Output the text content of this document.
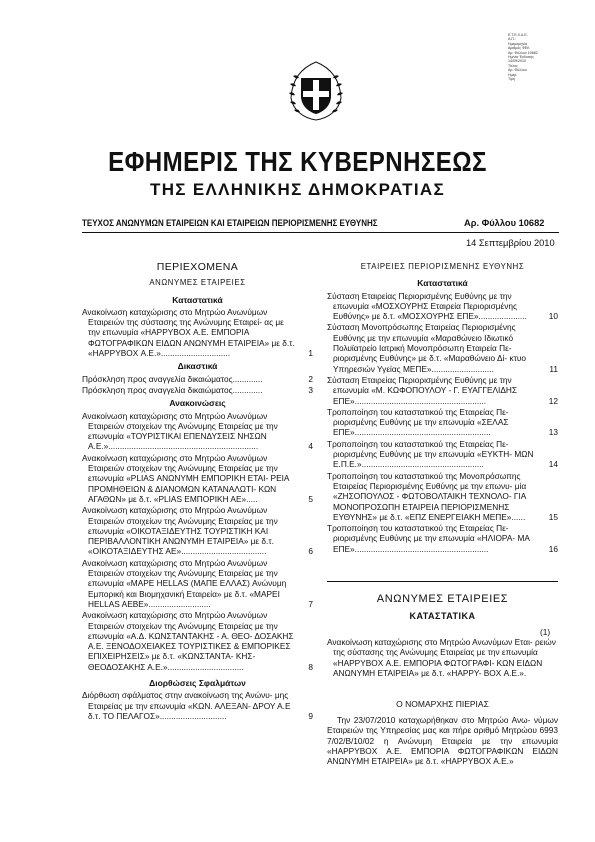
Ε.Τ.Ε.Χ.Δ.Ε.
Α.Π.:
Ημερομηνία
Αριθμός ΦΕΚ
Αρ. Φύλλου 10682
Ημ/νία Έκδοσης
14/09/2010
Τίτλος
Αρ. Φύλλου
Ημερ.
Τιμή
ΕΦΗΜΕΡΙΣ ΤΗΣ ΚΥΒΕΡΝΗΣΕΩΣ
ΤΗΣ ΕΛΛΗΝΙΚΗΣ ΔΗΜΟΚΡΑΤΙΑΣ
ΤΕΥΧΟΣ ΑΝΩΝΥΜΩΝ ΕΤΑΙΡΕΙΩΝ ΚΑΙ ΕΤΑΙΡΕΙΩΝ ΠΕΡΙΟΡΙΣΜΕΝΗΣ ΕΥΘΥΝΗΣ	Αρ. Φύλλου 10682
14 Σεπτεμβρίου 2010
ΠΕΡΙΕΧΟΜΕΝΑ
ΑΝΩΝΥΜΕΣ ΕΤΑΙΡΕΙΕΣ
Καταστατικά
Ανακοίνωση καταχώρισης στο Μητρώο Ανωνύμων Εταιρειών της σύστασης της Ανώνυμης Εταιρεί- ας με την επωνυμία «HAPPYBOX Α.Ε. ΕΜΠΟΡΙΑ ΦΩΤΟΓΡΑΦΙΚΩΝ ΕΙΔΩΝ ΑΝΩΝΥΜΗ ΕΤΑΙΡΕΙΑ» με δ.τ. «HAPPYBOX Α.Ε.»..............................	1
Δικαστικά
Πρόσκληση προς αναγγελία δικαιώματος.............	2
Πρόσκληση προς αναγγελία δικαιώματος.............	3
Ανακοινώσεις
Ανακοίνωση καταχώρισης στο Μητρώο Ανωνύμων Εταιρειών στοιχείων της Ανώνυμης Εταιρείας με την επωνυμία «ΤΟΥΡΙΣΤΙΚΑΙ ΕΠΕΝΔΥΣΕΙΣ ΝΗΣΩΝ Α.Ε.».................................................................	4
Ανακοίνωση καταχώρισης στο Μητρώο Ανωνύμων Εταιρειών στοιχείων της Ανώνυμης Εταιρείας με την επωνυμία «PLIAS ΑΝΩΝΥΜΗ ΕΜΠΟΡΙΚΗ ΕΤΑΙ- ΡΕΙΑ ΠΡΟΜΗΘΕΙΩΝ & ΔΙΑΝΟΜΩΝ ΚΑΤΑΝΑΛΩΤΙ- ΚΩΝ ΑΓΑΘΩΝ» με δ.τ. «PLIAS ΕΜΠΟΡΙΚΗ ΑΕ».....	5
Ανακοίνωση καταχώρισης στο Μητρώο Ανωνύμων Εταιρειών στοιχείων της Ανώνυμης Εταιρείας με την επωνυμία «ΟΙΚΟΤΑΞΙΔΕΥΤΗΣ ΤΟΥΡΙΣΤΙΚΗ ΚΑΙ ΠΕΡΙΒΑΛΛΟΝΤΙΚΗ ΑΝΩΝΥΜΗ ΕΤΑΙΡΕΙΑ» με δ.τ. «ΟΙΚΟΤΑΞΙΔΕΥΤΗΣ ΑΕ».....................................	6
Ανακοίνωση καταχώρισης στο Μητρώο Ανωνύμων Εταιρειών στοιχείων της Ανώνυμης Εταιρείας με την επωνυμία «MAPE HELLAS (ΜΑΠΕ ΕΛΛΑΣ) Ανώνυμη Εμπορική και Βιομηχανική Εταιρεία» με δ.τ. «MAPEI HELLAS AEBE»...........................	7
Ανακοίνωση καταχώρισης στο Μητρώο Ανωνύμων Εταιρειών στοιχείων της Ανώνυμης Εταιρείας με την επωνυμία «Α.Δ. ΚΩΝΣΤΑΝΤΑΚΗΣ - Α. ΘΕΟ- ΔΟΣΑΚΗΣ Α.Ε. ΞΕΝΟΔΟΧΕΙΑΚΕΣ ΤΟΥΡΙΣΤΙΚΕΣ & ΕΜΠΟΡΙΚΕΣ ΕΠΙΧΕΙΡΗΣΕΙΣ» με δ.τ. «ΚΩΝΣΤΑΝΤΑ- ΚΗΣ-ΘΕΟΔΟΣΑΚΗΣ Α.Ε.».................................	8
Διορθώσεις Σφαλμάτων
Διόρθωση σφάλματος στην ανακοίνωση της Ανώνυ- μης Εταιρείας με την επωνυμία «ΚΩΝ. ΑΛΕΞΑΝ- ΔΡΟΥ Α.Ε δ.τ. ΤΟ ΠΕΛΑΓΟΣ».............................	9
ΕΤΑΙΡΕΙΕΣ ΠΕΡΙΟΡΙΣΜΕΝΗΣ ΕΥΘΥΝΗΣ
Καταστατικά
Σύσταση Εταιρείας Περιορισμένης Ευθύνης με την επωνυμία «ΜΟΣΧΟΥΡΗΣ Εταιρεία Περιορισμένης Ευθύνης» με δ.τ. «ΜΟΣΧΟΥΡΗΣ ΕΠΕ».....................	10
Σύσταση Μονοπρόσωπης Εταιρείας Περιορισμένης Ευθύνης με την επωνυμία «Μαραθώνειο Ιδιωτικό Πολυϊατρείο Ιατρική Μονοπρόσωπη Εταιρεία Πε- ριορισμένης Ευθύνης» με δ.τ. «Μαραθώνειο Δί- κτυο Υπηρεσιών Υγείας ΜΕΠΕ»...........................	11
Σύσταση Εταιρείας Περιορισμένης Ευθύνης με την επωνυμία «Μ. ΚΩΦΟΠΟΥΛΟΥ - Γ. ΕΥΑΓΓΕΛΙΔΗΣ ΕΠΕ».........................................................	12
Τροποποίηση του καταστατικού της Εταιρείας Πε- ριορισμένης Ευθύνης με την επωνυμία «ΣΕΛΑΣ ΕΠΕ»...........................................................	13
Τροποποίηση του καταστατικού της Εταιρείας Πε- ριορισμένης Ευθύνης με την επωνυμία «ΕΥΚΤΗ- ΜΩΝ Ε.Π.Ε.».....................................................	14
Τροποποίηση του καταστατικού της Μονοπρόσωπης Εταιρείας Περιορισμένης Ευθύνης με την επωνυ- μία «ΖΗΣΟΠΟΥΛΟΣ - ΦΩΤΟΒΟΛΤΑΙΚΗ ΤΕΧΝΟΛΟ- ΓΙΑ ΜΟΝΟΠΡΟΣΩΠΗ ΕΤΑΙΡΕΙΑ ΠΕΡΙΟΡΙΣΜΕΝΗΣ ΕΥΘΥΝΗΣ» με δ.τ. «ΕΠΖ ΕΝΕΡΓΕΙΑΚΗ ΜΕΠΕ»......	15
Τροποποίηση του καταστατικού της Εταιρείας Πε- ριορισμένης Ευθύνης με την επωνυμία «ΗΛΙΟΡΑ- ΜΑ ΕΠΕ»..........................................................	16
ΑΝΩΝΥΜΕΣ ΕΤΑΙΡΕΙΕΣ
ΚΑΤΑΣΤΑΤΙΚΑ
(1)
Ανακοίνωση καταχώρισης στο Μητρώο Ανωνύμων Εται- ρειών της σύστασης της Ανώνυμης Εταιρείας με την επωνυμία «HAPPYBOX Α.Ε. ΕΜΠΟΡΙΑ ΦΩΤΟΓΡΑΦΙ- ΚΩΝ ΕΙΔΩΝ ΑΝΩΝΥΜΗ ΕΤΑΙΡΕΙΑ» με δ.τ. «HAPPY- BOX Α.Ε.».
Ο ΝΟΜΑΡΧΗΣ ΠΙΕΡΙΑΣ
Την 23/07/2010 καταχωρήθηκαν στο Μητρώο Ανω- νύμων Εταιρειών της Υπηρεσίας μας και πήρε αριθμό Μητρώου 6993 7/02/Β/10/02 η Ανώνυμη Εταιρεία με την επωνυμία «HAPPYBOX Α.Ε. ΕΜΠΟΡΙΑ ΦΩΤΟΓΡΑΦΙΚΩΝ ΕΙΔΩΝ ΑΝΩΝΥΜΗ ΕΤΑΙΡΕΙΑ» με δ.τ. «HAPPYBOX Α.Ε.»
